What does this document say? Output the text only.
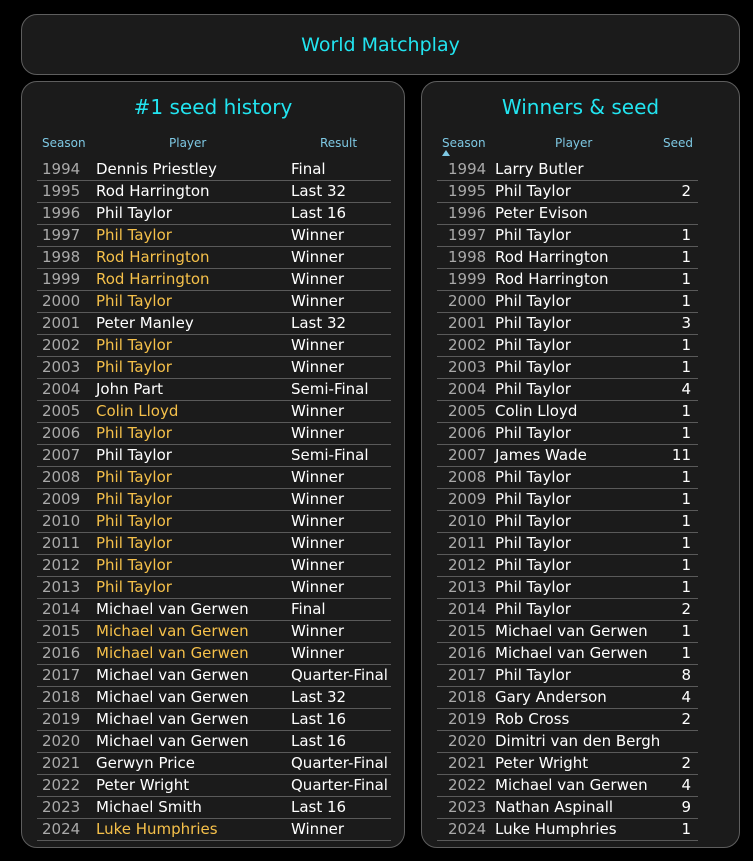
World Matchplay
#1 seed history
Season	Player	Result
1994 Dennis Priestley	Final
1995 Rod Harrington	Last 32
1996 Phil Taylor	Last 16
1997 Phil Taylor	Winner
1998 Rod Harrington	Winner
1999 Rod Harrington	Winner
2000 Phil Taylor	Winner
2001 Peter Manley	Last 32
2002 Phil Taylor	Winner
2003 Phil Taylor	Winner
2004 John Part	Semi-Final
2005 Colin Lloyd	Winner
2006 Phil Taylor	Winner
2007 Phil Taylor	Semi-Final
2008 Phil Taylor	Winner
2009 Phil Taylor	Winner
2010 Phil Taylor	Winner
2011 Phil Taylor	Winner
2012 Phil Taylor	Winner
2013 Phil Taylor	Winner
2014 Michael van Gerwen	Final
2015 Michael van Gerwen	Winner
2016 Michael van Gerwen	Winner
2017 Michael van Gerwen	Quarter-Final
2018 Michael van Gerwen	Last 32
2019 Michael van Gerwen	Last 16
2020 Michael van Gerwen	Last 16
2021 Gerwyn Price	Quarter-Final
2022 Peter Wright	Quarter-Final
2023 Michael Smith	Last 16
2024 Luke Humphries	Winner
Winners & seed
Season	Player	Seed
1994 Larry Butler
1995 Phil Taylor	2
1996 Peter Evison
1997 Phil Taylor	1
1998 Rod Harrington	1
1999 Rod Harrington	1
2000 Phil Taylor	1
2001 Phil Taylor	3
2002 Phil Taylor	1
2003 Phil Taylor	1
2004 Phil Taylor	4
2005 Colin Lloyd	1
2006 Phil Taylor	1
2007 James Wade	11
2008 Phil Taylor	1
2009 Phil Taylor	1
2010 Phil Taylor	1
2011 Phil Taylor	1
2012 Phil Taylor	1
2013 Phil Taylor	1
2014 Phil Taylor	2
2015 Michael van Gerwen	1
2016 Michael van Gerwen	1
2017 Phil Taylor	8
2018 Gary Anderson	4
2019 Rob Cross	2
2020 Dimitri van den Bergh
2021 Peter Wright	2
2022 Michael van Gerwen	4
2023 Nathan Aspinall	9
2024 Luke Humphries	1
